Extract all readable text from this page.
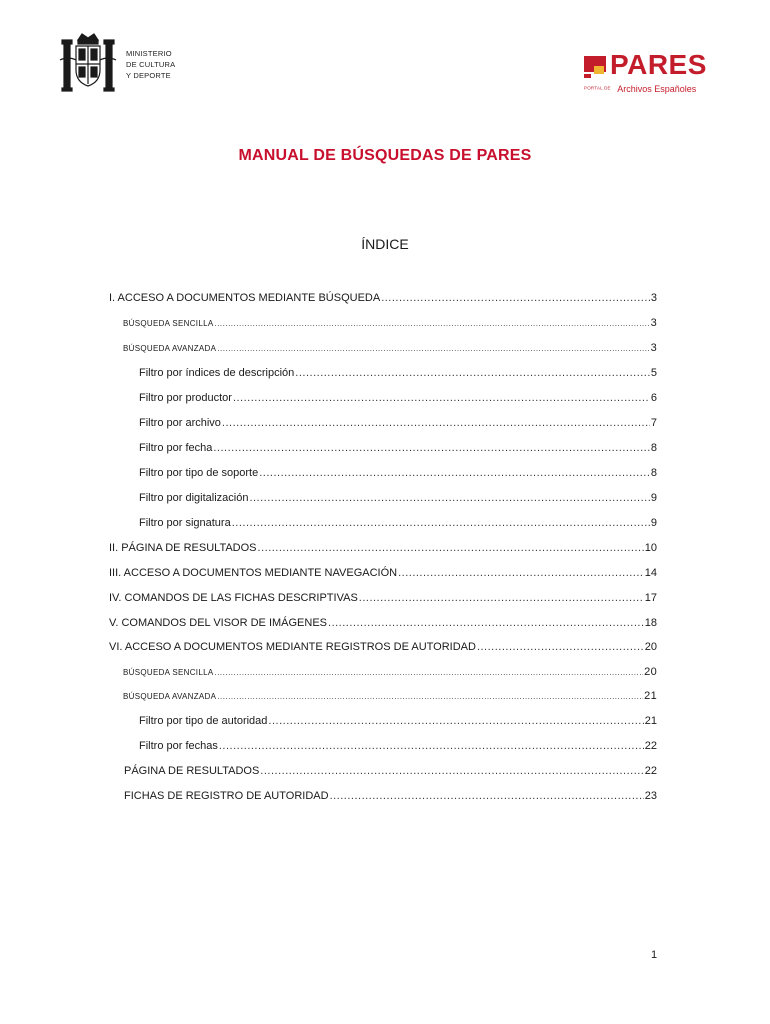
MINISTERIO
DE CULTURA
Y DEPORTE	PARES
PORTAL DE Archivos Españoles
MANUAL DE BÚSQUEDAS DE PARES
ÍNDICE
I. ACCESO A DOCUMENTOS MEDIANTE BÚSQUEDA .....	3
BÚSQUEDA SENCILLA .....	3
BÚSQUEDA AVANZADA .....	3
Filtro por índices de descripción .....	5
Filtro por productor .....	6
Filtro por archivo .....	7
Filtro por fecha .....	8
Filtro por tipo de soporte .....	8
Filtro por digitalización .....	9
Filtro por signatura .....	9
II. PÁGINA DE RESULTADOS .....	10
III. ACCESO A DOCUMENTOS MEDIANTE NAVEGACIÓN .....	14
IV. COMANDOS DE LAS FICHAS DESCRIPTIVAS .....	17
V. COMANDOS DEL VISOR DE IMÁGENES .....	18
VI. ACCESO A DOCUMENTOS MEDIANTE REGISTROS DE AUTORIDAD .....	20
BÚSQUEDA SENCILLA .....	20
BÚSQUEDA AVANZADA .....	21
Filtro por tipo de autoridad .....	21
Filtro por fechas .....	22
PÁGINA DE RESULTADOS .....	22
FICHAS DE REGISTRO DE AUTORIDAD .....	23
1
